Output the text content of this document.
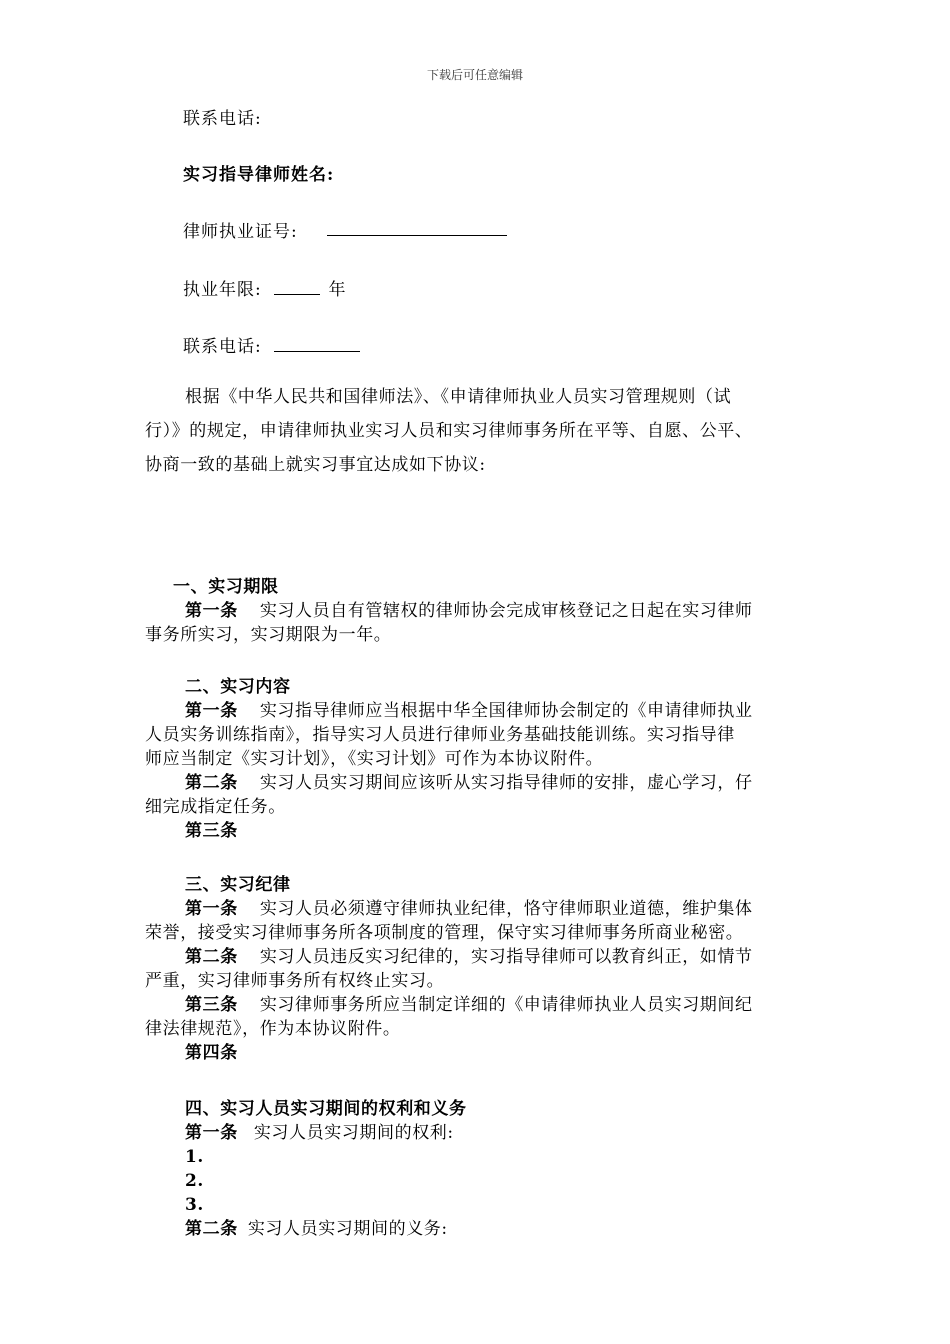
下载后可任意编辑
联系电话:
实习指导律师姓名:
律师执业证号:
执业年限:	年
联系电话:
根据《中华人民共和国律师法》、《申请律师执业人员实习管理规则（试
行）》的规定，申请律师执业实习人员和实习律师事务所在平等、自愿、公平、
协商一致的基础上就实习事宜达成如下协议:
一、实习期限
第一条 实习人员自有管辖权的律师协会完成审核登记之日起在实习律师
事务所实习，实习期限为一年。
二、实习内容
第一条 实习指导律师应当根据中华全国律师协会制定的《申请律师执业
人员实务训练指南》，指导实习人员进行律师业务基础技能训练。实习指导律
师应当制定《实习计划》，《实习计划》可作为本协议附件。
第二条 实习人员实习期间应该听从实习指导律师的安排，虚心学习，仔
细完成指定任务。
第三条
三、实习纪律
第一条 实习人员必须遵守律师执业纪律，恪守律师职业道德，维护集体
荣誉，接受实习律师事务所各项制度的管理，保守实习律师事务所商业秘密。
第二条 实习人员违反实习纪律的，实习指导律师可以教育纠正，如情节
严重，实习律师事务所有权终止实习。
第三条 实习律师事务所应当制定详细的《申请律师执业人员实习期间纪
律法律规范》，作为本协议附件。
第四条
四、实习人员实习期间的权利和义务
第一条 实习人员实习期间的权利:
1.
2.
3.
第二条 实习人员实习期间的义务:
